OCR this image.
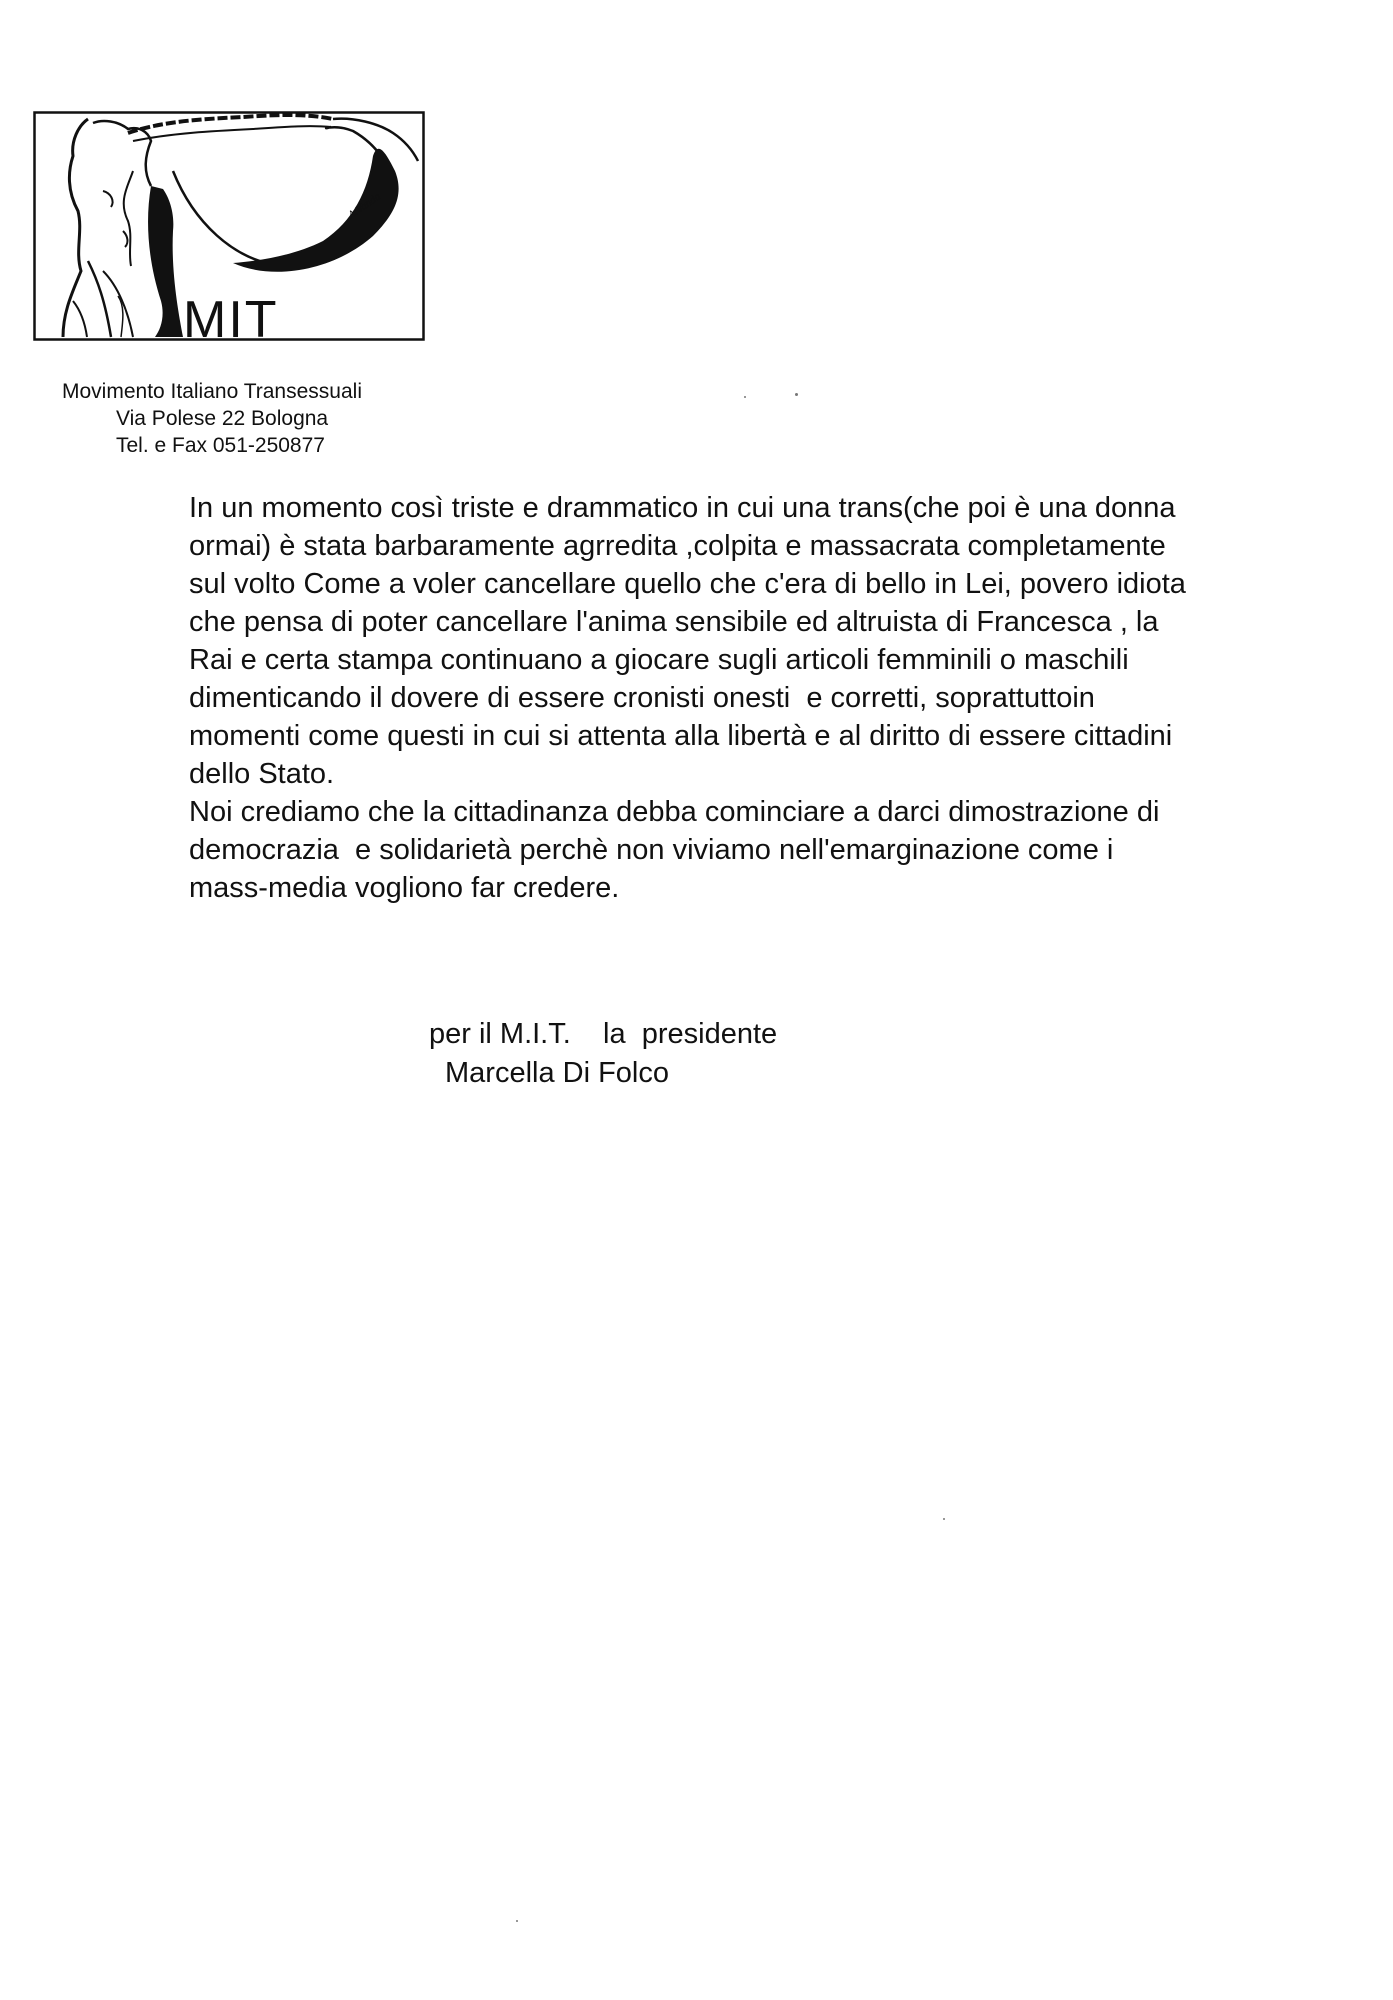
MIT
A.Vanda
Movimento Italiano Transessuali
Via Polese 22 Bologna
Tel. e Fax 051-250877

In un momento così triste e drammatico in cui una trans(che poi è una donna ormai) è stata barbaramente agrredita ,colpita e massacrata completamente sul volto Come a voler cancellare quello che c'era di bello in Lei, povero idiota che pensa di poter cancellare l'anima sensibile ed altruista di Francesca , la Rai e certa stampa continuano a giocare sugli articoli femminili o maschili dimenticando il dovere di essere cronisti onesti  e corretti, soprattuttoin momenti come questi in cui si attenta alla libertà e al diritto di essere cittadini dello Stato.

Noi crediamo che la cittadinanza debba cominciare a darci dimostrazione di democrazia  e solidarietà perchè non viviamo nell'emarginazione come i mass-media vogliono far credere.

per il M.I.T.    la  presidente
Marcella Di Folco
